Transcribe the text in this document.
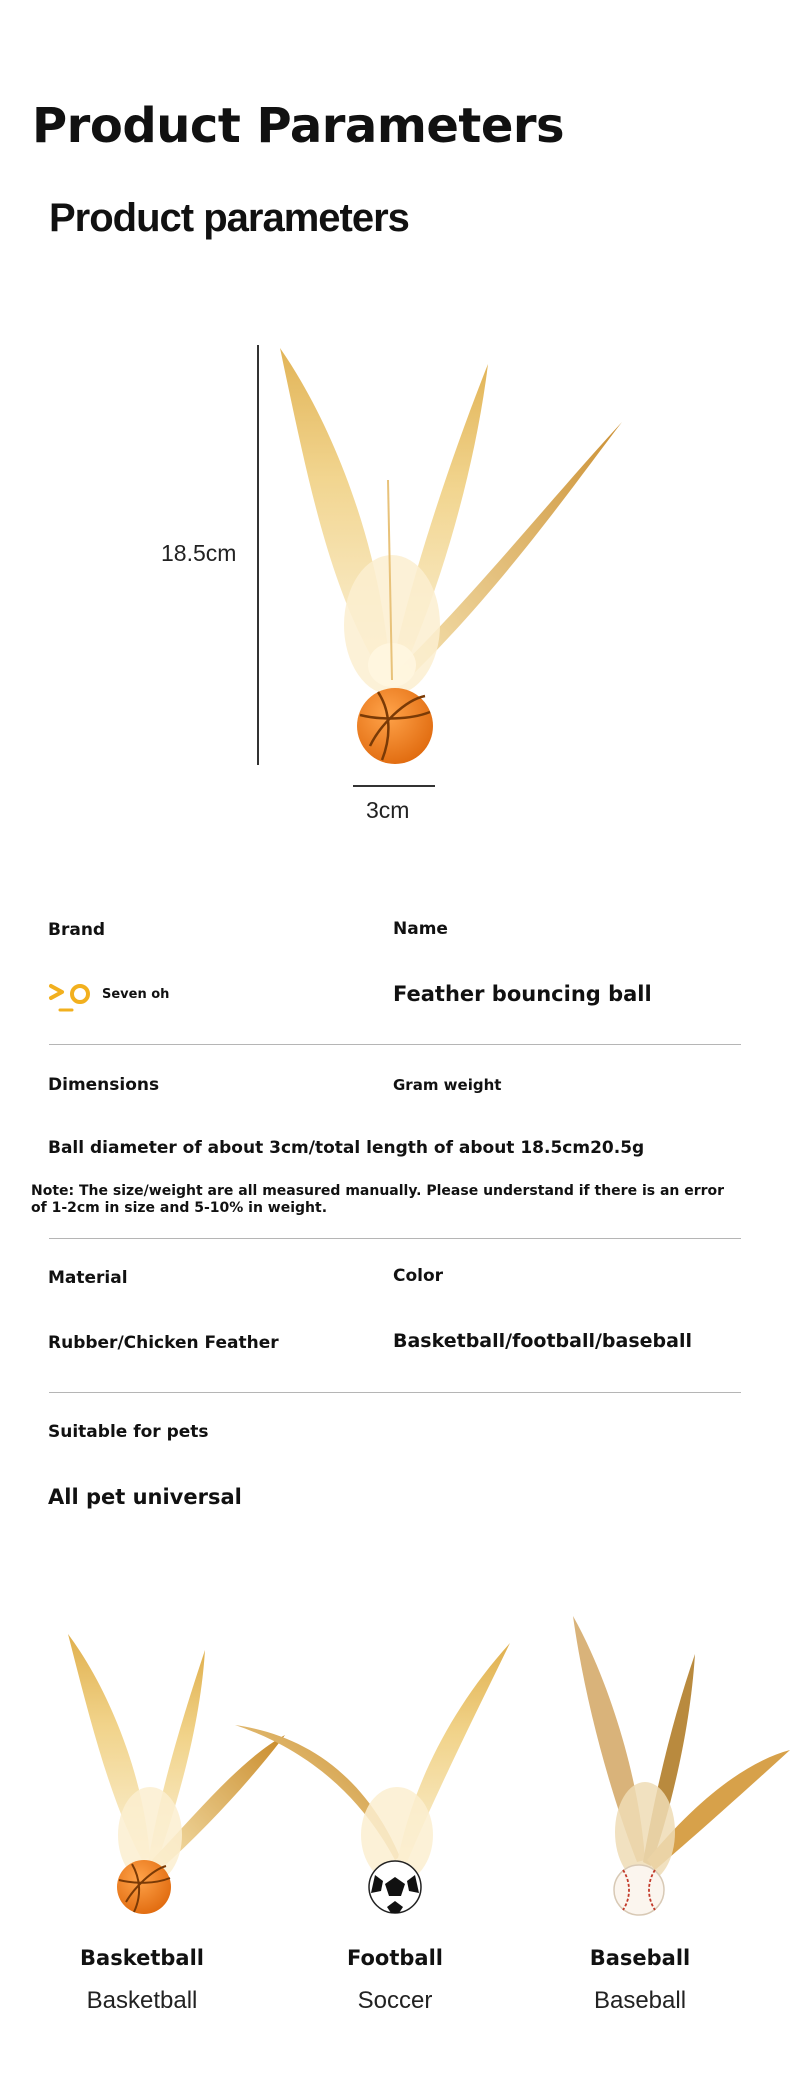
Product Parameters
Product parameters
18.5cm
3cm
Brand	Name
Seven oh	Feather bouncing ball
Dimensions	Gram weight
Ball diameter of about 3cm/total length of about 18.5cm20.5g
Note: The size/weight are all measured manually. Please understand if there is an error of 1-2cm in size and 5-10% in weight.
Material	Color
Rubber/Chicken Feather	Basketball/football/baseball
Suitable for pets
All pet universal
Basketball
Basketball
Football
Soccer
Baseball
Baseball
